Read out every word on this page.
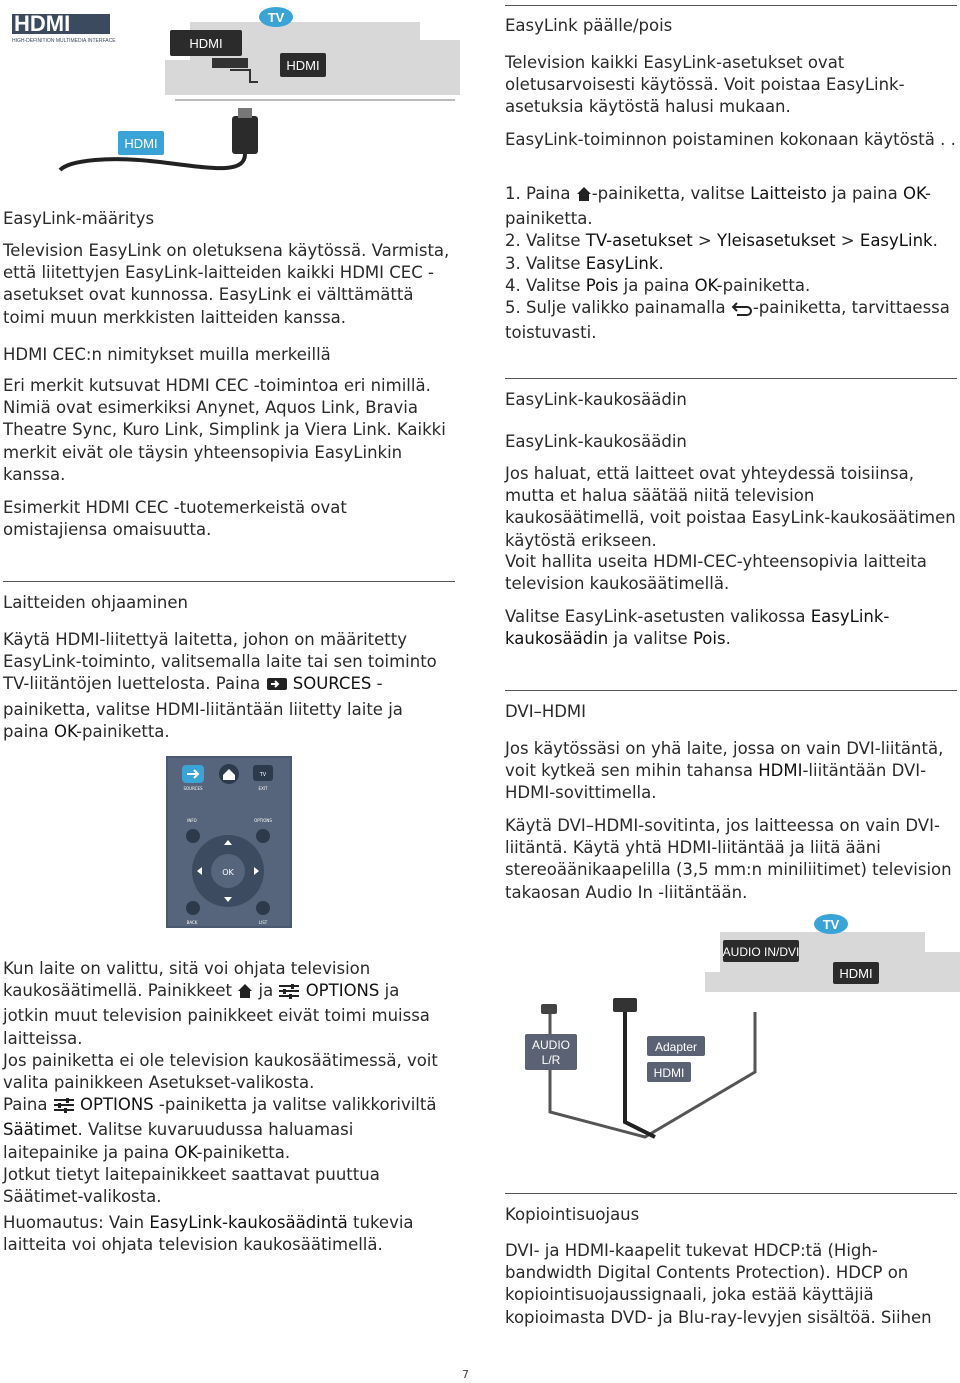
HDMI
HIGH-DEFINITION MULTIMEDIA INTERFACE
TV
HDMI
HDMI
HDMI
EasyLink-määritys

Television EasyLink on oletuksena käytössä. Varmista, että liitettyjen EasyLink-laitteiden kaikki HDMI CEC -asetukset ovat kunnossa. EasyLink ei välttämättä toimi muun merkkisten laitteiden kanssa.

HDMI CEC:n nimitykset muilla merkeillä

Eri merkit kutsuvat HDMI CEC -toimintoa eri nimillä. Nimiä ovat esimerkiksi Anynet, Aquos Link, Bravia Theatre Sync, Kuro Link, Simplink ja Viera Link. Kaikki merkit eivät ole täysin yhteensopivia EasyLinkin kanssa.

Esimerkit HDMI CEC -tuotemerkeistä ovat omistajiensa omaisuutta.

Laitteiden ohjaaminen

Käytä HDMI-liitettyä laitetta, johon on määritetty EasyLink-toiminto, valitsemalla laite tai sen toiminto TV-liitäntöjen luettelosta. Paina  SOURCES -painiketta, valitse HDMI-liitäntään liitetty laite ja paina OK-painiketta.

SOURCES
TV
EXIT
INFO	OPTIONS
OK
BACK	LIST

Kun laite on valittu, sitä voi ohjata television kaukosäätimellä. Painikkeet  ja  OPTIONS ja jotkin muut television painikkeet eivät toimi muissa laitteissa.
Jos painiketta ei ole television kaukosäätimessä, voit valita painikkeen Asetukset-valikosta.
Paina  OPTIONS -painiketta ja valitse valikkoriviltä Säätimet. Valitse kuvaruudussa haluamasi laitepainike ja paina OK-painiketta.
Jotkut tietyt laitepainikkeet saattavat puuttua Säätimet-valikosta.

Huomautus: Vain EasyLink-kaukosäädintä tukevia laitteita voi ohjata television kaukosäätimellä.

EasyLink päälle/pois

Television kaikki EasyLink-asetukset ovat oletusarvoisesti käytössä. Voit poistaa EasyLink-asetuksia käytöstä halusi mukaan.

EasyLink-toiminnon poistaminen kokonaan käytöstä . .

1. Paina -painiketta, valitse Laitteisto ja paina OK-painiketta.
2. Valitse TV-asetukset > Yleisasetukset > EasyLink.
3. Valitse EasyLink.
4. Valitse Pois ja paina OK-painiketta.
5. Sulje valikko painamalla -painiketta, tarvittaessa toistuvasti.

EasyLink-kaukosäädin
EasyLink-kaukosäädin

Jos haluat, että laitteet ovat yhteydessä toisiinsa, mutta et halua säätää niitä television kaukosäätimellä, voit poistaa EasyLink-kaukosäätimen käytöstä erikseen.

Voit hallita useita HDMI-CEC-yhteensopivia laitteita television kaukosäätimellä.

Valitse EasyLink-asetusten valikossa EasyLink-kaukosäädin ja valitse Pois.

DVI–HDMI

Jos käytössäsi on yhä laite, jossa on vain DVI-liitäntä, voit kytkeä sen mihin tahansa HDMI-liitäntään DVI-HDMI-sovittimella.

Käytä DVI–HDMI-sovitinta, jos laitteessa on vain DVI-liitäntä. Käytä yhtä HDMI-liitäntää ja liitä ääni stereoäänikaapelilla (3,5 mm:n miniliitimet) television takaosan Audio In -liitäntään.

Kopiointisuojaus

DVI- ja HDMI-kaapelit tukevat HDCP:tä (High-bandwidth Digital Contents Protection). HDCP on kopiointisuojaussignaali, joka estää käyttäjiä kopioimasta DVD- ja Blu-ray-levyjen sisältöä. Siihen

TV
AUDIO IN/DVI
HDMI
AUDIO
L/R
Adapter
HDMI
7
